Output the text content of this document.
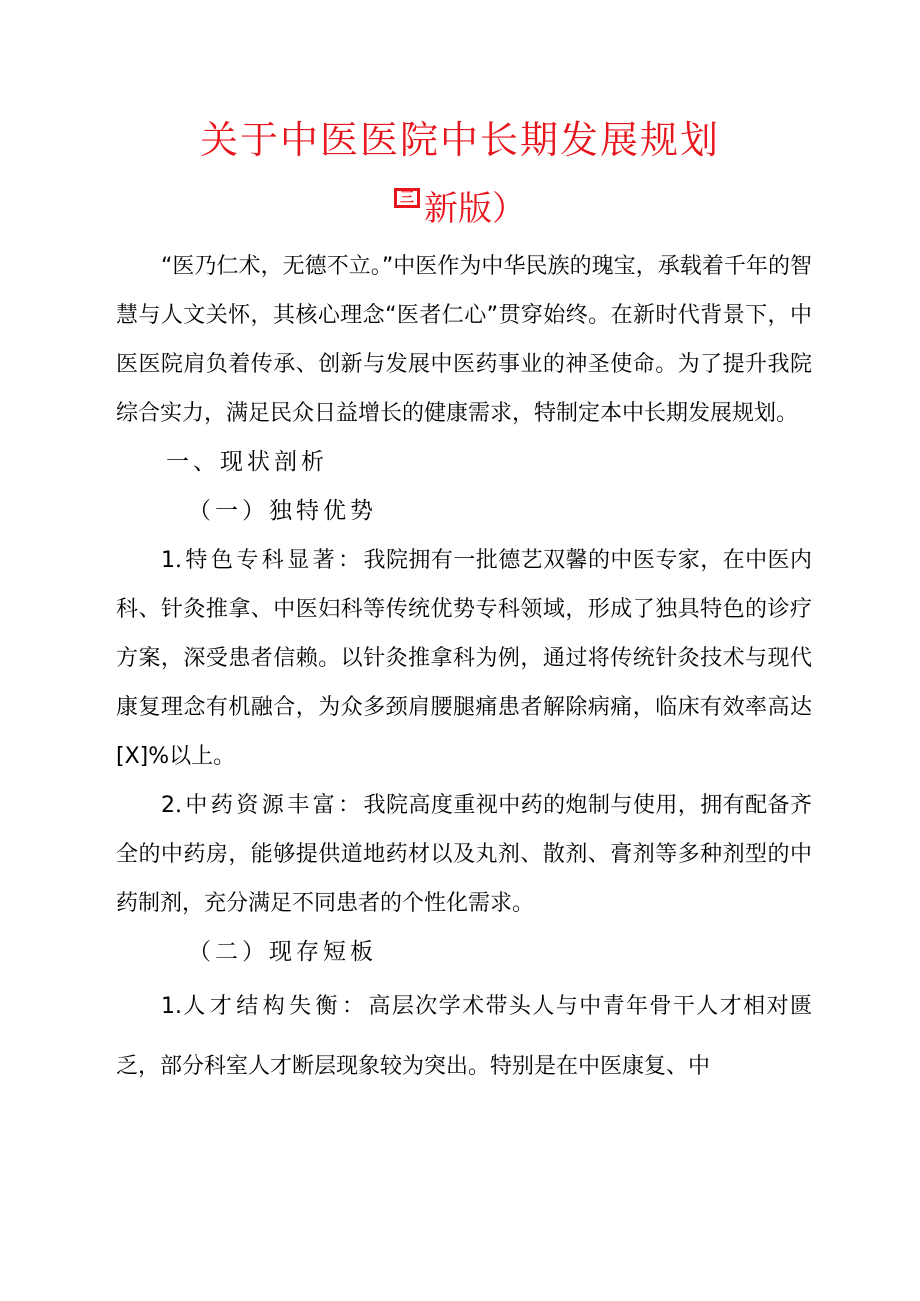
关于中医医院中长期发展规划
三 新版）

“医乃仁术，无德不立。”中医作为中华民族的瑰宝，承载着千年的智慧与人文关怀，其核心理念“医者仁心”贯穿始终。在新时代背景下，中医医院肩负着传承、创新与发展中医药事业的神圣使命。为了提升我院综合实力，满足民众日益增长的健康需求，特制定本中长期发展规划。

一、现状剖析

（一）独特优势

1.特色专科显著：我院拥有一批德艺双馨的中医专家，在中医内科、针灸推拿、中医妇科等传统优势专科领域，形成了独具特色的诊疗方案，深受患者信赖。以针灸推拿科为例，通过将传统针灸技术与现代康复理念有机融合，为众多颈肩腰腿痛患者解除病痛，临床有效率高达[X]%以上。

2.中药资源丰富：我院高度重视中药的炮制与使用，拥有配备齐全的中药房，能够提供道地药材以及丸剂、散剂、膏剂等多种剂型的中药制剂，充分满足不同患者的个性化需求。

（二）现存短板

1.人才结构失衡：高层次学术带头人与中青年骨干人才相对匮乏，部分科室人才断层现象较为突出。特别是在中医康复、中
